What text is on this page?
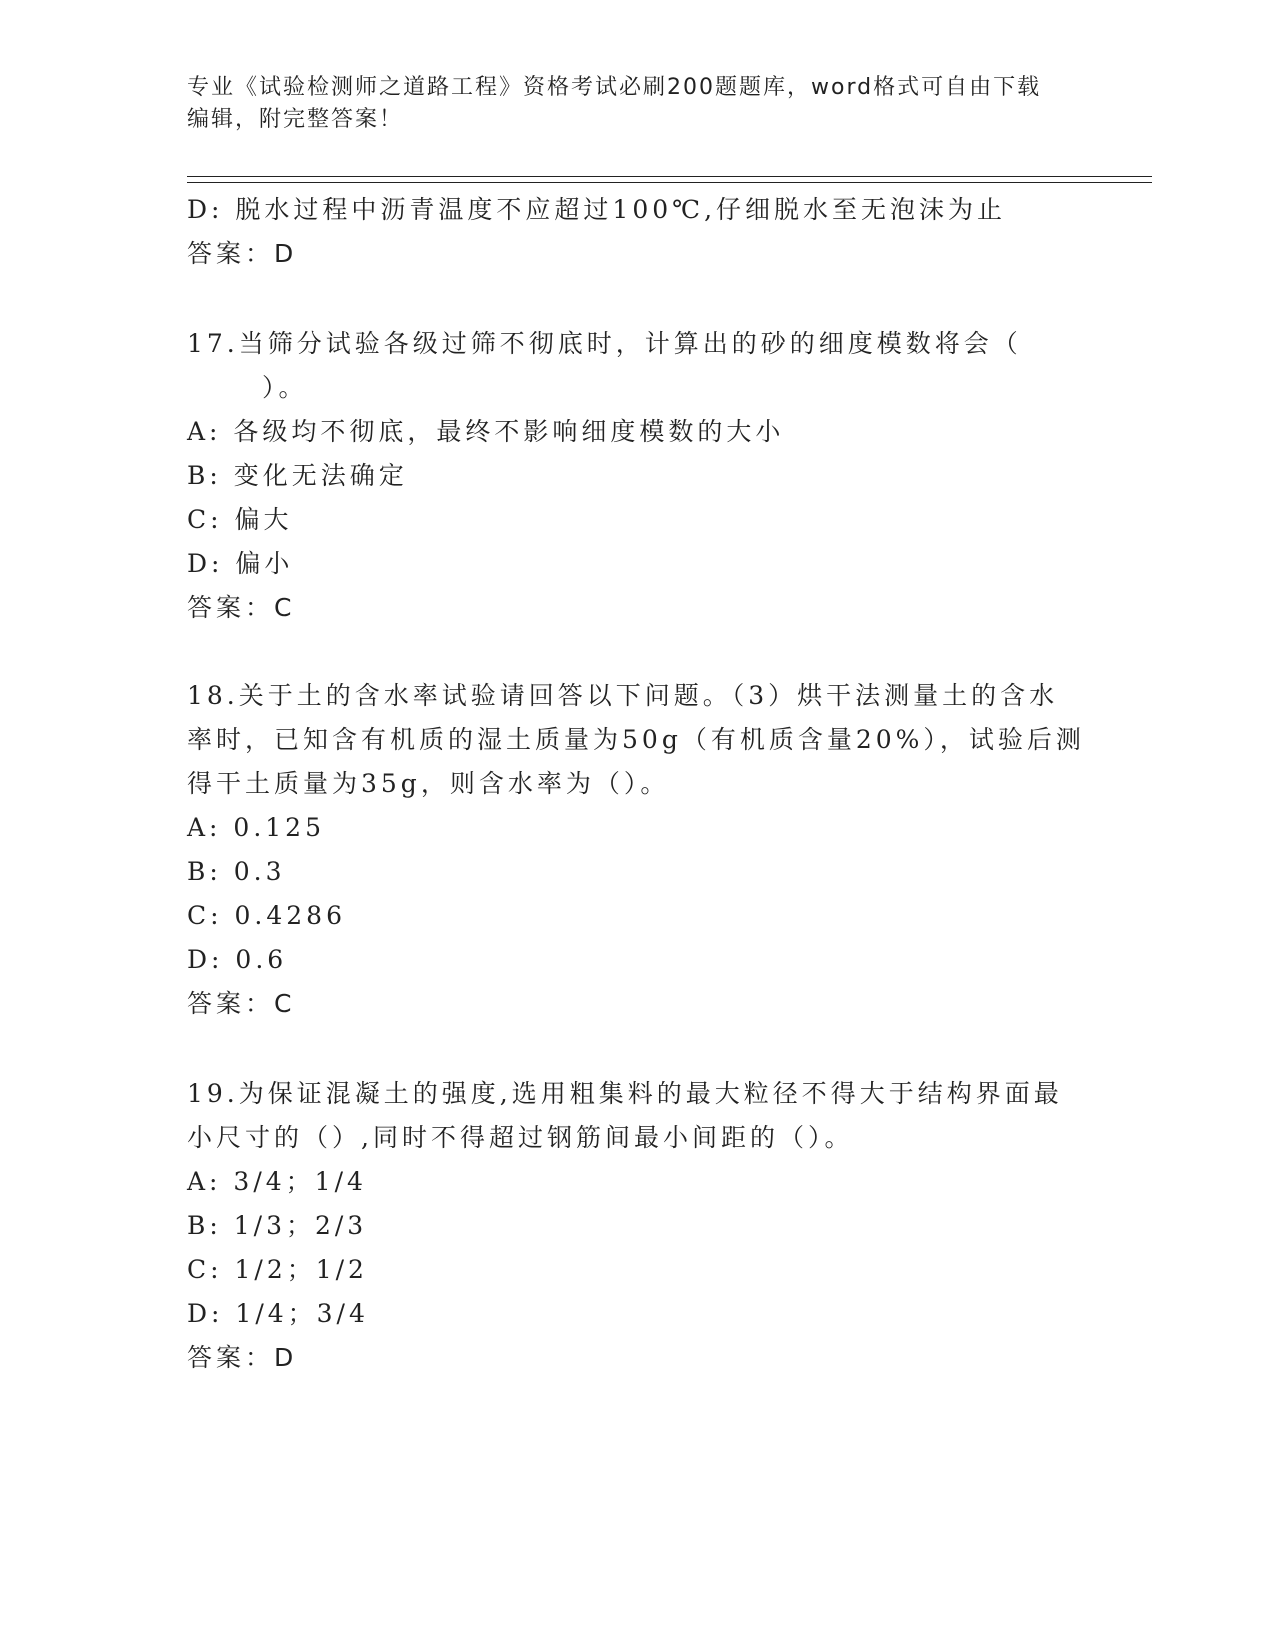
专业《试验检测师之道路工程》资格考试必刷200题题库，word格式可自由下载
编辑，附完整答案！
D: 脱水过程中沥青温度不应超过100℃,仔细脱水至无泡沫为止
答案：D
17.当筛分试验各级过筛不彻底时，计算出的砂的细度模数将会（
）。
A: 各级均不彻底，最终不影响细度模数的大小
B: 变化无法确定
C: 偏大
D: 偏小
答案：C
18.关于土的含水率试验请回答以下问题。（3）烘干法测量土的含水
率时，已知含有机质的湿土质量为50g（有机质含量20%），试验后测
得干土质量为35g，则含水率为（）。
A: 0.125
B: 0.3
C: 0.4286
D: 0.6
答案：C
19.为保证混凝土的强度,选用粗集料的最大粒径不得大于结构界面最
小尺寸的（）,同时不得超过钢筋间最小间距的（）。
A: 3/4；1/4
B: 1/3；2/3
C: 1/2；1/2
D: 1/4；3/4
答案：D
